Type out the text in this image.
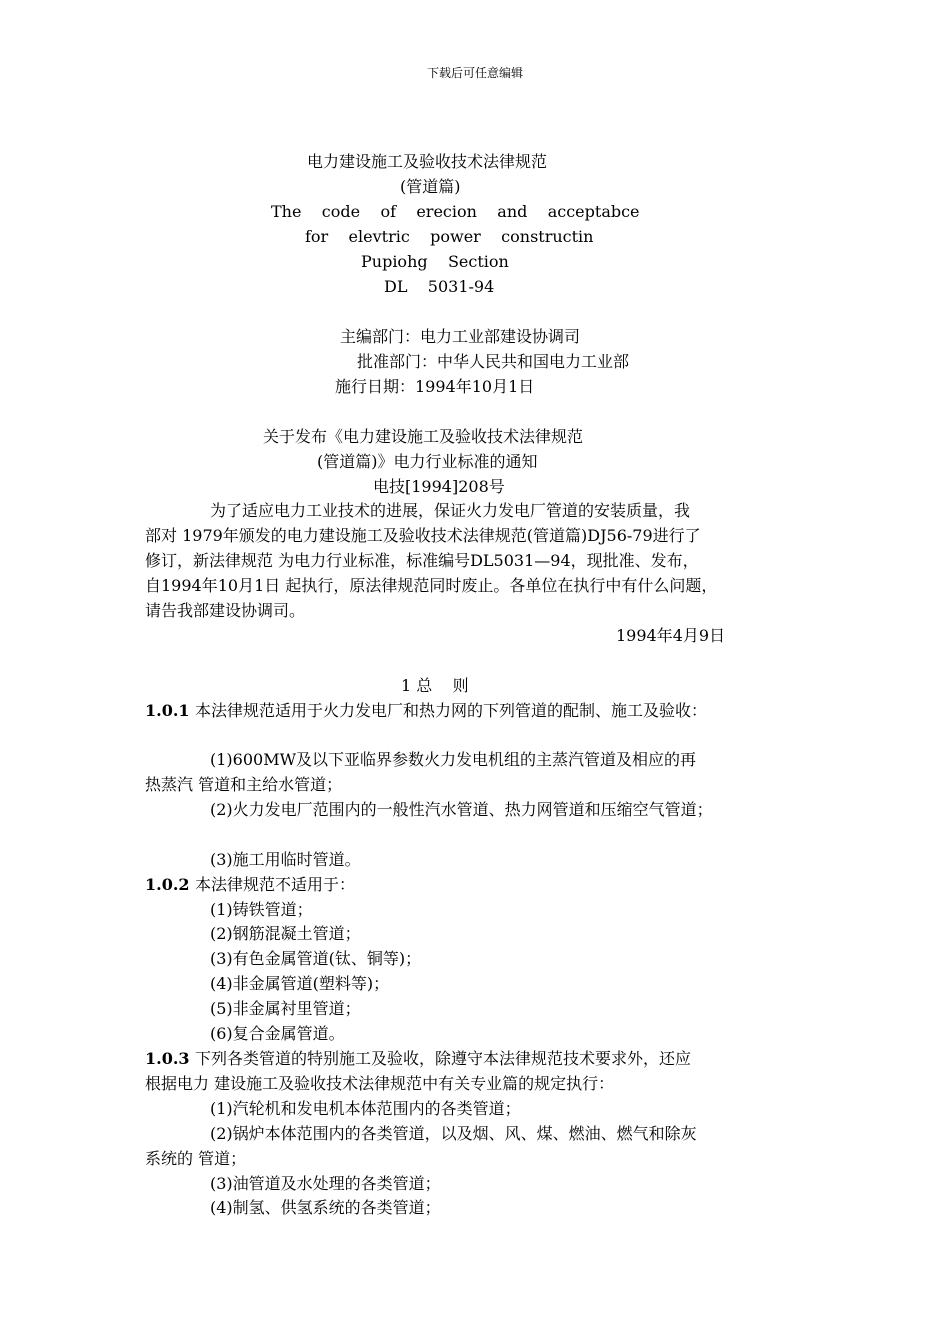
下载后可任意编辑
电力建设施工及验收技术法律规范
(管道篇)
The    code    of    erecion    and    acceptabce
for    elevtric    power    constructin
Pupiohg    Section
DL    5031-94
主编部门：电力工业部建设协调司
批准部门：中华人民共和国电力工业部
施行日期：1994年10月1日
关于发布《电力建设施工及验收技术法律规范
(管道篇)》电力行业标准的通知
电技[1994]208号
为了适应电力工业技术的进展，保证火力发电厂管道的安装质量，我
部对 1979年颁发的电力建设施工及验收技术法律规范(管道篇)DJ56-79进行了
修订，新法律规范 为电力行业标准，标准编号DL5031—94，现批准、发布，
自1994年10月1日 起执行，原法律规范同时废止。各单位在执行中有什么问题，
请告我部建设协调司。
1994年4月9日
1 总    则
1.0.1 本法律规范适用于火力发电厂和热力网的下列管道的配制、施工及验收：
(1)600MW及以下亚临界参数火力发电机组的主蒸汽管道及相应的再
热蒸汽 管道和主给水管道；
(2)火力发电厂范围内的一般性汽水管道、热力网管道和压缩空气管道；
(3)施工用临时管道。
1.0.2 本法律规范不适用于：
(1)铸铁管道；
(2)钢筋混凝土管道；
(3)有色金属管道(钛、铜等)；
(4)非金属管道(塑料等)；
(5)非金属衬里管道；
(6)复合金属管道。
1.0.3 下列各类管道的特别施工及验收，除遵守本法律规范技术要求外，还应
根据电力 建设施工及验收技术法律规范中有关专业篇的规定执行：
(1)汽轮机和发电机本体范围内的各类管道；
(2)锅炉本体范围内的各类管道，以及烟、风、煤、燃油、燃气和除灰
系统的 管道；
(3)油管道及水处理的各类管道；
(4)制氢、供氢系统的各类管道；
